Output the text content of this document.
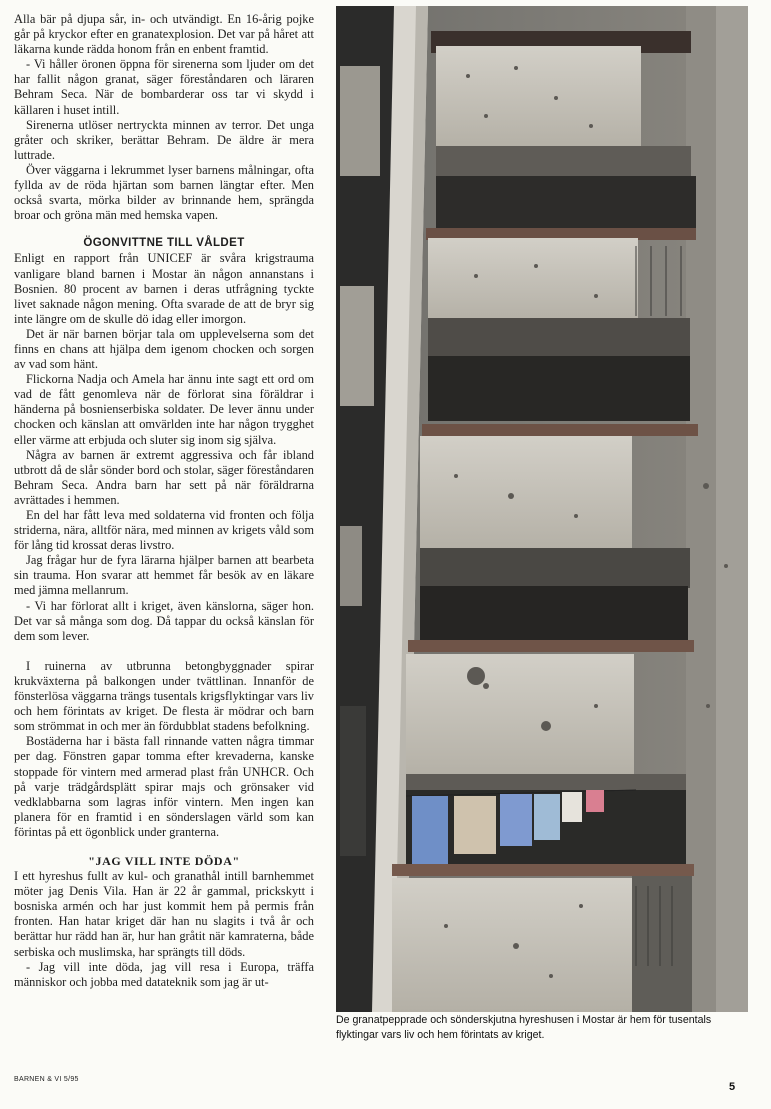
Alla bär på djupa sår, in- och utvändigt. En 16-årig pojke går på kryckor efter en granatexplosion. Det var på håret att läkarna kunde rädda honom från en enbent framtid.

- Vi håller öronen öppna för sirenerna som ljuder om det har fallit någon granat, säger föreståndaren och läraren Behram Seca. När de bombarderar oss tar vi skydd i källaren i huset intill.

Sirenerna utlöser nertryckta minnen av terror. Det unga gråter och skriker, berättar Behram. De äldre är mera luttrade.

Över väggarna i lekrummet lyser barnens målningar, ofta fyllda av de röda hjärtan som barnen längtar efter. Men också svarta, mörka bilder av brinnande hem, sprängda broar och gröna män med hemska vapen.

ÖGONVITTNE TILL VÅLDET

Enligt en rapport från UNICEF är svåra krigstrauma vanligare bland barnen i Mostar än någon annanstans i Bosnien. 80 procent av barnen i deras utfrågning tyckte livet saknade någon mening. Ofta svarade de att de bryr sig inte längre om de skulle dö idag eller imorgon.

Det är när barnen börjar tala om upplevelserna som det finns en chans att hjälpa dem igenom chocken och sorgen av vad som hänt.

Flickorna Nadja och Amela har ännu inte sagt ett ord om vad de fått genomleva när de förlorat sina föräldrar i händerna på bosnienserbiska soldater. De lever ännu under chocken och känslan att omvärlden inte har någon trygghet eller värme att erbjuda och sluter sig inom sig själva.

Några av barnen är extremt aggressiva och får ibland utbrott då de slår sönder bord och stolar, säger föreståndaren Behram Seca. Andra barn har sett på när föräldrarna avrättades i hemmen.

En del har fått leva med soldaterna vid fronten och följa striderna, nära, alltför nära, med minnen av krigets våld som för lång tid krossat deras livstro.

Jag frågar hur de fyra lärarna hjälper barnen att bearbeta sin trauma. Hon svarar att hemmet får besök av en läkare med jämna mellanrum.

- Vi har förlorat allt i kriget, även känslorna, säger hon. Det var så många som dog. Då tappar du också känslan för dem som lever.

I ruinerna av utbrunna betongbyggnader spirar krukväxterna på balkongen under tvättlinan. Innanför de fönsterlösa väggarna trängs tusentals krigsflyktingar vars liv och hem förintats av kriget. De flesta är mödrar och barn som strömmat in och mer än fördubblat stadens befolkning.

Bostäderna har i bästa fall rinnande vatten några timmar per dag. Fönstren gapar tomma efter krevaderna, kanske stoppade för vintern med armerad plast från UNHCR. Och på varje trädgårdsplätt spirar majs och grönsaker vid vedklabbarna som lagras inför vintern. Men ingen kan planera för en framtid i en sönderslagen värld som kan förintas på ett ögonblick under granterna.

"JAG VILL INTE DÖDA"

I ett hyreshus fullt av kul- och granathål intill barnhemmet möter jag Denis Vila. Han är 22 år gammal, prickskytt i bosniska armén och har just kommit hem på permis från fronten. Han hatar kriget där han nu slagits i två år och berättar hur rädd han är, hur han gråtit när kamraterna, både serbiska och muslimska, har sprängts till döds.

- Jag vill inte döda, jag vill resa i Europa, träffa människor och jobba med datateknik som jag är ut-

De granatpepprade och sönderskjutna hyreshusen i Mostar är hem för tusentals flyktingar vars liv och hem förintats av kriget.
BARNEN & VI 5/95
5
